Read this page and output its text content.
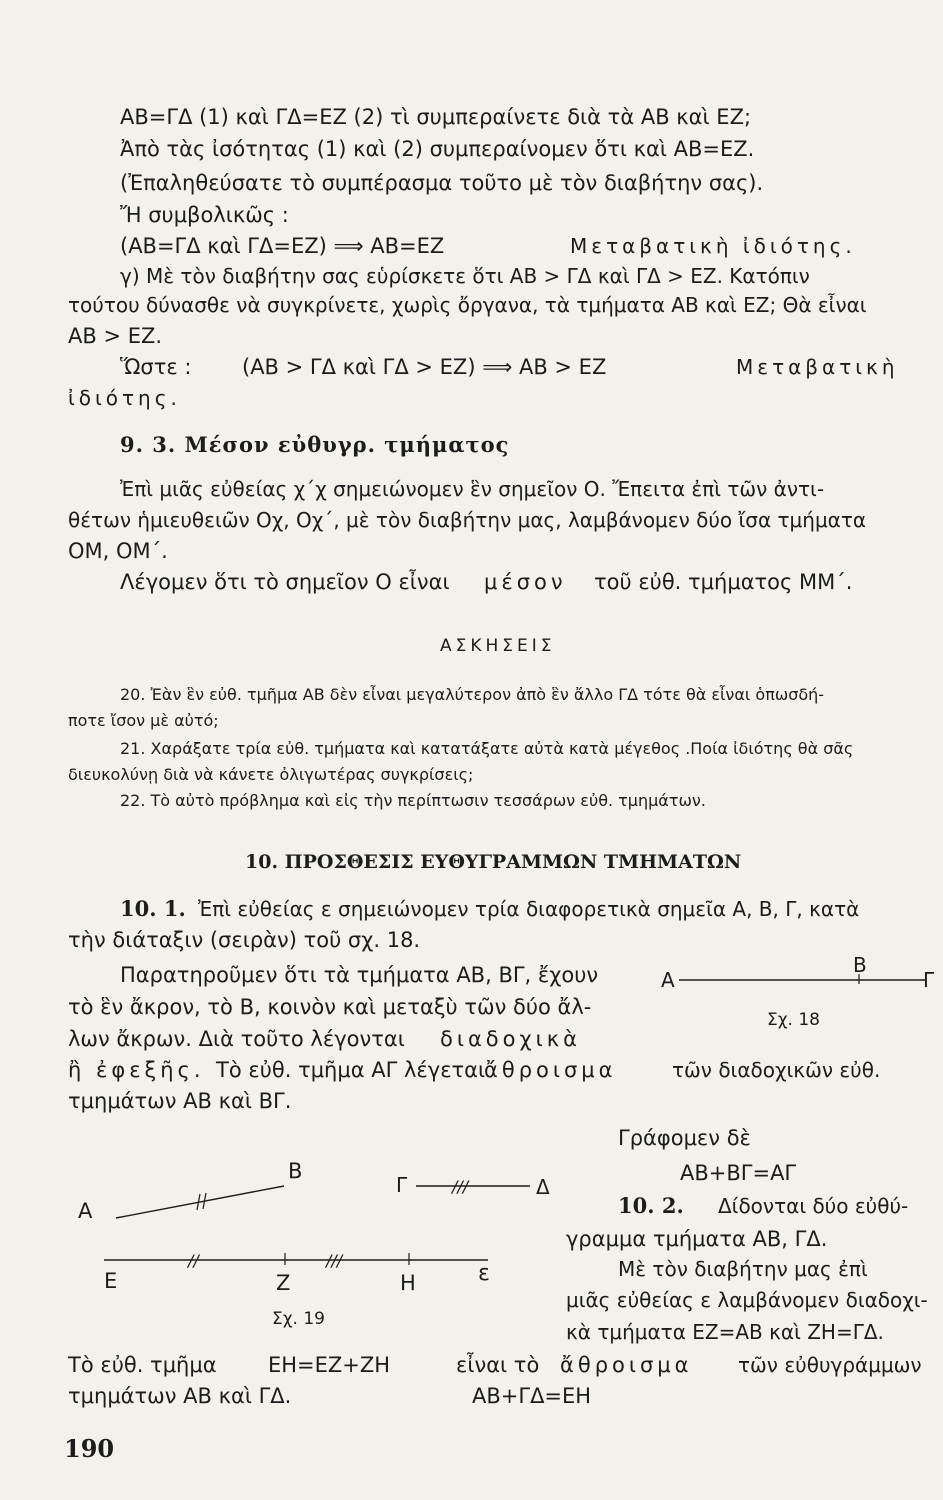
ΑΒ=ΓΔ (1) καὶ ΓΔ=ΕΖ (2) τὶ συμπεραίνετε διὰ τὰ ΑΒ καὶ ΕΖ;
Ἀπὸ τὰς ἰσότητας (1) καὶ (2) συμπεραίνομεν ὅτι καὶ ΑΒ=ΕΖ.
(Ἐπαληθεύσατε τὸ συμπέρασμα τοῦτο μὲ τὸν διαβήτην σας).
Ἤ συμβολικῶς :
(ΑΒ=ΓΔ καὶ ΓΔ=ΕΖ) ⟹ ΑΒ=ΕΖ	Μεταβατικὴ ἰδιότης.
γ) Μὲ τὸν διαβήτην σας εὑρίσκετε ὅτι ΑΒ > ΓΔ καὶ ΓΔ > ΕΖ. Κατόπιν
τούτου δύνασθε νὰ συγκρίνετε, χωρὶς ὄργανα, τὰ τμήματα ΑΒ καὶ ΕΖ; Θὰ εἶναι
ΑΒ > ΕΖ.
Ὥστε : (ΑΒ > ΓΔ καὶ ΓΔ > ΕΖ) ⟹ ΑΒ > ΕΖ	Μεταβατικὴ
ἰδιότης.
9. 3. Μέσον εὐθυγρ. τμήματος
Ἐπὶ μιᾶς εὐθείας χ΄χ σημειώνομεν ἓν σημεῖον Ο. Ἔπειτα ἐπὶ τῶν ἀντι-
θέτων ἡμιευθειῶν Οχ, Οχ΄, μὲ τὸν διαβήτην μας, λαμβάνομεν δύο ἴσα τμήματα
ΟΜ, ΟΜ΄.
Λέγομεν ὅτι τὸ σημεῖον Ο εἶναι μέσον τοῦ εὐθ. τμήματος ΜΜ΄.
ΑΣΚΗΣΕΙΣ
20. Ἐὰν ἓν εὐθ. τμῆμα ΑΒ δὲν εἶναι μεγαλύτερον ἀπὸ ἓν ἄλλο ΓΔ τότε θὰ εἶναι ὁπωσδή-
ποτε ἴσον μὲ αὐτό;
21. Χαράξατε τρία εὐθ. τμήματα καὶ κατατάξατε αὐτὰ κατὰ μέγεθος .Ποία ἰδιότης θὰ σᾶς
διευκολύνῃ διὰ νὰ κάνετε ὀλιγωτέρας συγκρίσεις;
22. Τὸ αὐτὸ πρόβλημα καὶ εἰς τὴν περίπτωσιν τεσσάρων εὐθ. τμημάτων.
10. ΠΡΟΣΘΕΣΙΣ ΕΥΘΥΓΡΑΜΜΩΝ ΤΜΗΜΑΤΩΝ
10. 1. Ἐπὶ εὐθείας ε σημειώνομεν τρία διαφορετικὰ σημεῖα Α, Β, Γ, κατὰ
τὴν διάταξιν (σειρὰν) τοῦ σχ. 18.
Παρατηροῦμεν ὅτι τὰ τμήματα ΑΒ, ΒΓ, ἔχουν
τὸ ἓν ἄκρον, τὸ Β, κοινὸν καὶ μεταξὺ τῶν δύο ἄλ-
λων ἄκρων. Διὰ τοῦτο λέγονται διαδοχικὰ
ἢ ἐφεξῆς. Τὸ εὐθ. τμῆμα ΑΓ λέγεται
ἄθροισμα	τῶν διαδοχικῶν εὐθ.
τμημάτων ΑΒ καὶ ΒΓ.
Α
Β
Γ
Σχ. 18
Γράφομεν δὲ
ΑΒ+ΒΓ=ΑΓ
10. 2. Δίδονται δύο εὐθύ-
γραμμα τμήματα ΑΒ, ΓΔ.
Μὲ τὸν διαβήτην μας ἐπὶ
μιᾶς εὐθείας ε λαμβάνομεν διαδοχι-
κὰ τμήματα ΕΖ=ΑΒ καὶ ΖΗ=ΓΔ.
Α
Β
///
Γ	Δ
//	///
Ε	Ζ	Η	ε
Σχ. 19
Τὸ εὐθ. τμῆμα ΕΗ=ΕΖ+ΖΗ	εἶναι τὸ ἄθροισμα τῶν εὐθυγράμμων
τμημάτων ΑΒ καὶ ΓΔ.	ΑΒ+ΓΔ=ΕΗ
190
